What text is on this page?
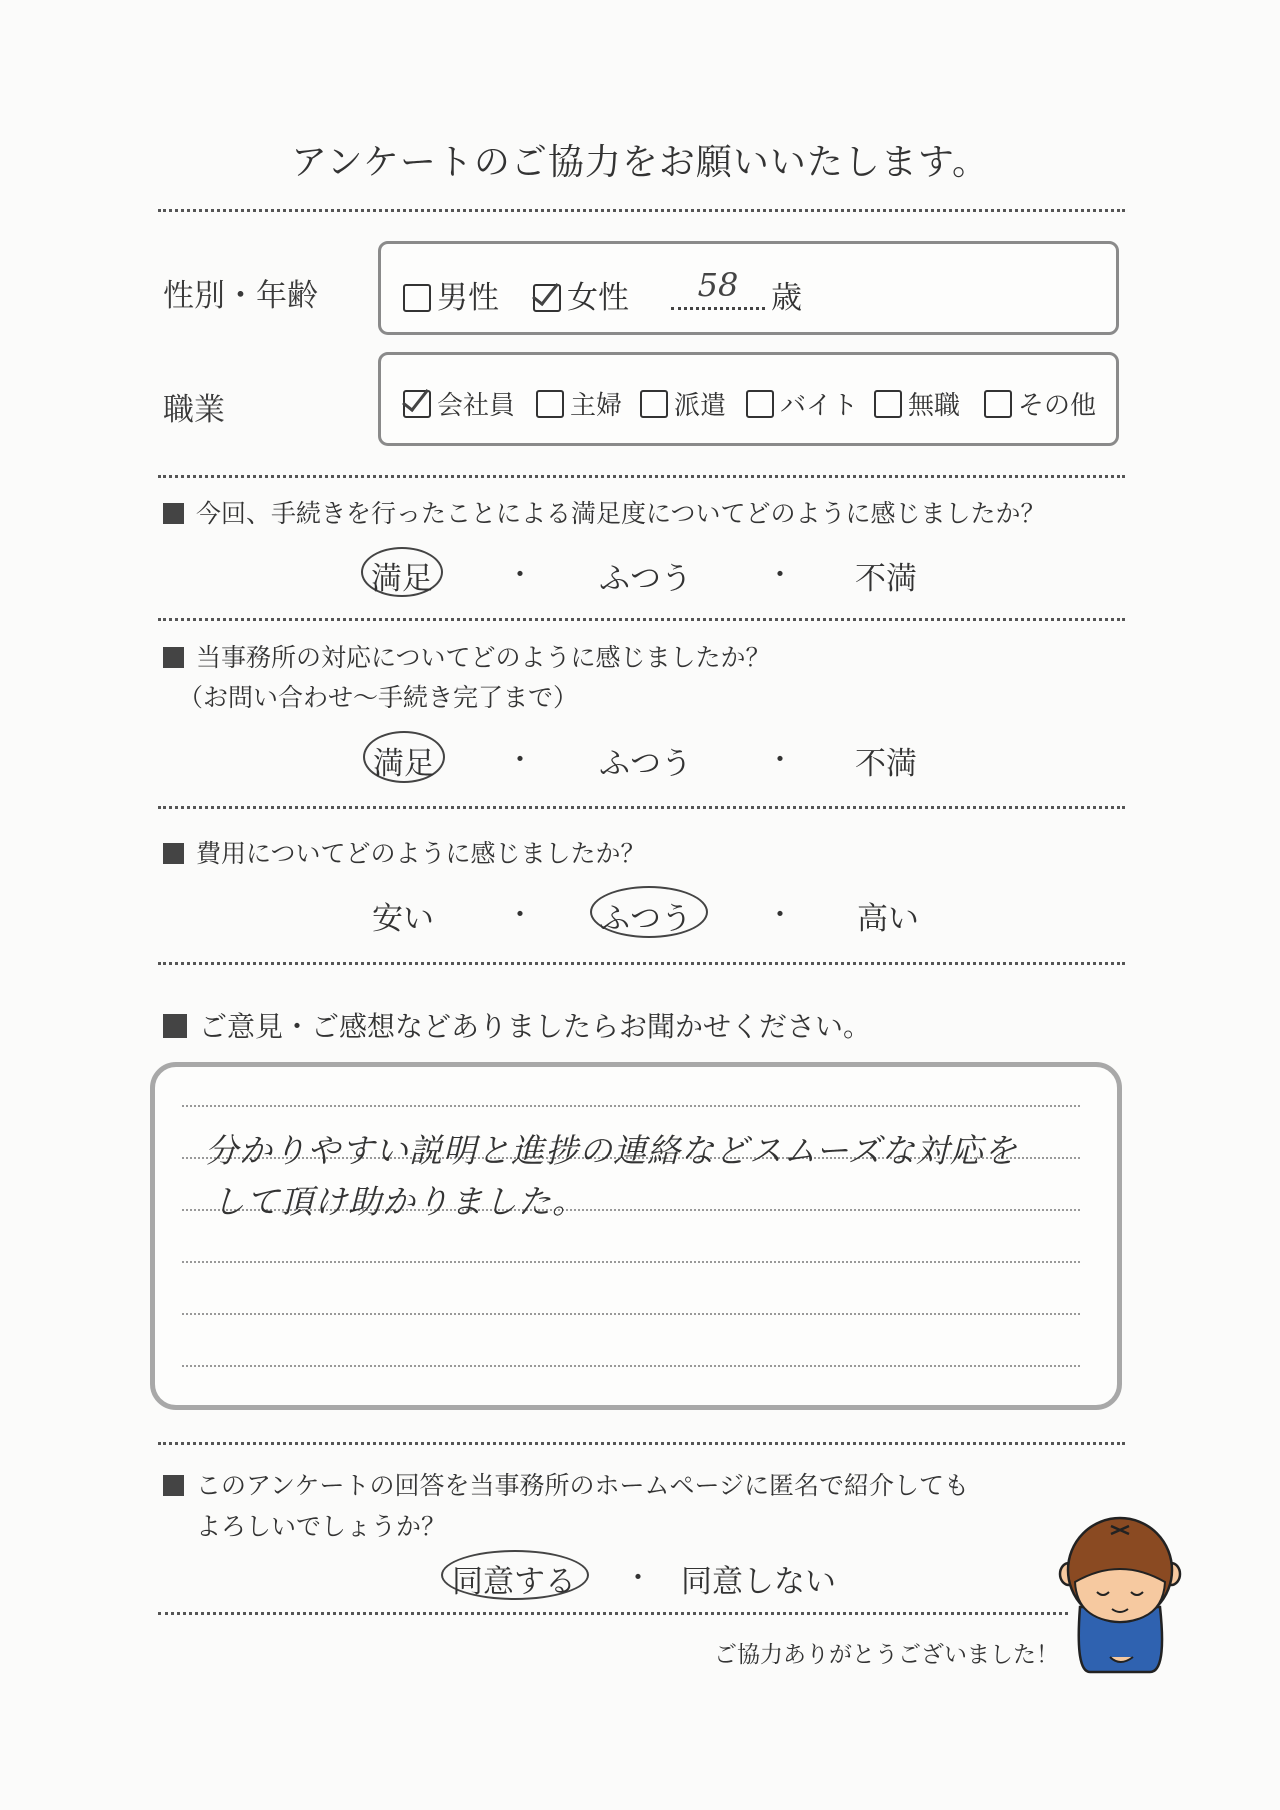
アンケートのご協力をお願いいたします。
性別・年齢	男性	女性	58	歳
職業	会社員	主婦	派遣	バイト	無職	その他
今回、手続きを行ったことによる満足度についてどのように感じましたか？
満足	・ ふつう	・ 不満
当事務所の対応についてどのように感じましたか？
（お問い合わせ〜手続き完了まで）
満足	・ ふつう	・ 不満
費用についてどのように感じましたか？
安い	・ ふつう	・ 高い
ご意見・ご感想などありましたらお聞かせください。
分かりやすい説明と進捗の連絡などスムーズな対応を
して頂け助かりました。
このアンケートの回答を当事務所のホームページに匿名で紹介しても
よろしいでしょうか？
同意する ・ 同意しない
ご協力ありがとうございました！
